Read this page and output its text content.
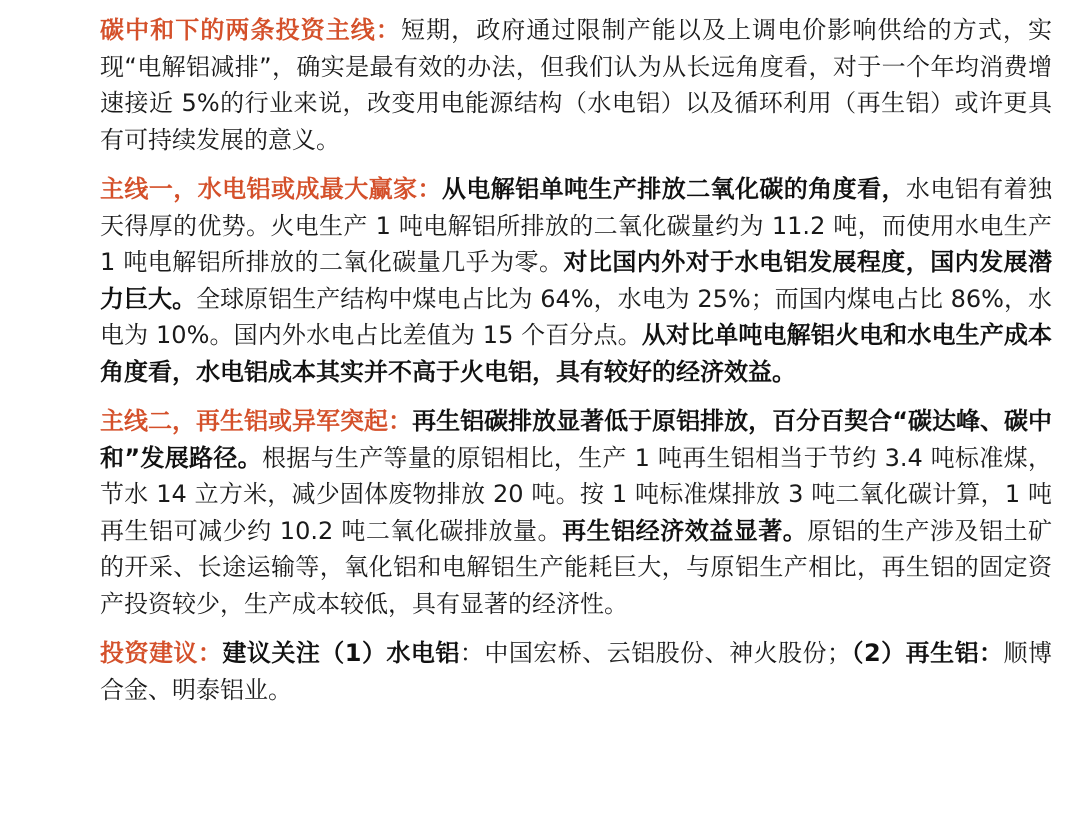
碳中和下的两条投资主线：短期，政府通过限制产能以及上调电价影响供给的方式，实现“电解铝减排”，确实是最有效的办法，但我们认为从长远角度看，对于一个年均消费增速接近 5%的行业来说，改变用电能源结构（水电铝）以及循环利用（再生铝）或许更具有可持续发展的意义。

主线一，水电铝或成最大赢家：从电解铝单吨生产排放二氧化碳的角度看，水电铝有着独天得厚的优势。火电生产 1 吨电解铝所排放的二氧化碳量约为 11.2 吨，而使用水电生产 1 吨电解铝所排放的二氧化碳量几乎为零。对比国内外对于水电铝发展程度，国内发展潜力巨大。全球原铝生产结构中煤电占比为 64%，水电为 25%；而国内煤电占比 86%，水电为 10%。国内外水电占比差值为 15 个百分点。从对比单吨电解铝火电和水电生产成本角度看，水电铝成本其实并不高于火电铝，具有较好的经济效益。

主线二，再生铝或异军突起：再生铝碳排放显著低于原铝排放，百分百契合“碳达峰、碳中和”发展路径。根据与生产等量的原铝相比，生产 1 吨再生铝相当于节约 3.4 吨标准煤，节水 14 立方米，减少固体废物排放 20 吨。按 1 吨标准煤排放 3 吨二氧化碳计算，1 吨再生铝可减少约 10.2 吨二氧化碳排放量。再生铝经济效益显著。原铝的生产涉及铝土矿的开采、长途运输等，氧化铝和电解铝生产能耗巨大，与原铝生产相比，再生铝的固定资产投资较少，生产成本较低，具有显著的经济性。

投资建议：建议关注（1）水电铝：中国宏桥、云铝股份、神火股份；（2）再生铝：顺博合金、明泰铝业。
